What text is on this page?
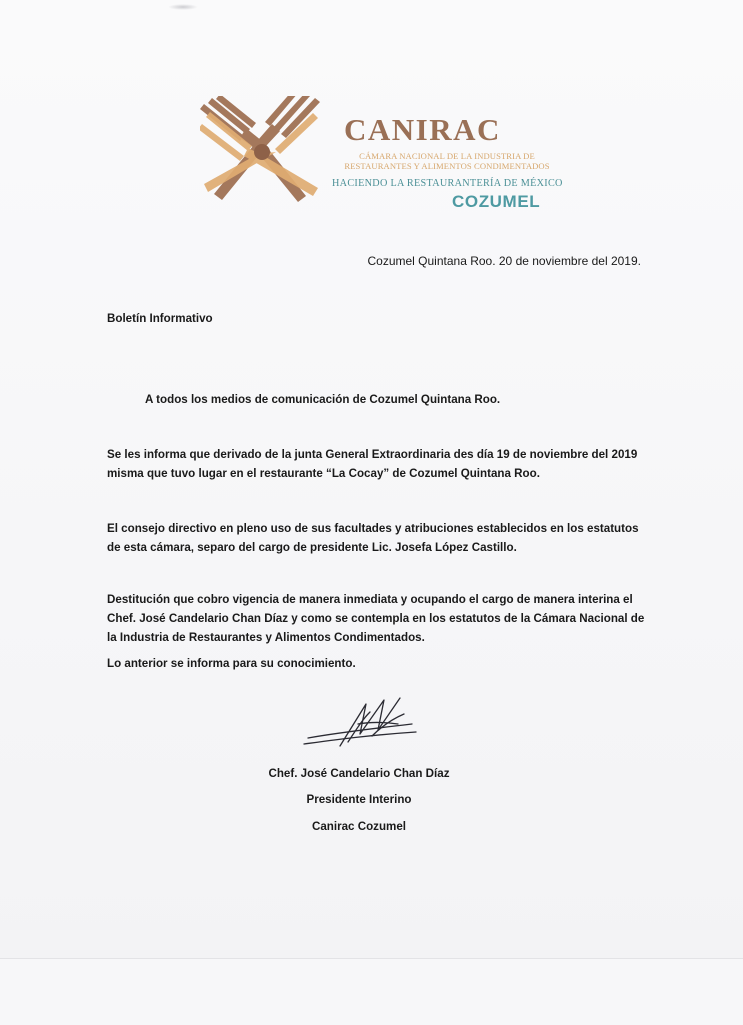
CANIRAC
CÁMARA NACIONAL DE LA INDUSTRIA DE
RESTAURANTES Y ALIMENTOS CONDIMENTADOS
HACIENDO LA RESTAURANTERÍA DE MÉXICO
COZUMEL

Cozumel Quintana Roo. 20 de noviembre del 2019.

Boletín Informativo

A todos los medios de comunicación de Cozumel Quintana Roo.

Se les informa que derivado de la junta General Extraordinaria des día 19 de noviembre del 2019 misma que tuvo lugar en el restaurante “La Cocay” de Cozumel Quintana Roo.

El consejo directivo en pleno uso de sus facultades y atribuciones establecidos en los estatutos de esta cámara, separo del cargo de presidente Lic. Josefa López Castillo.

Destitución que cobro vigencia de manera inmediata y ocupando el cargo de manera interina el Chef. José Candelario Chan Díaz y como se contempla en los estatutos de la Cámara Nacional de la Industria de Restaurantes y Alimentos Condimentados.

Lo anterior se informa para su conocimiento.

Chef. José Candelario Chan Díaz
Presidente Interino
Canirac Cozumel
